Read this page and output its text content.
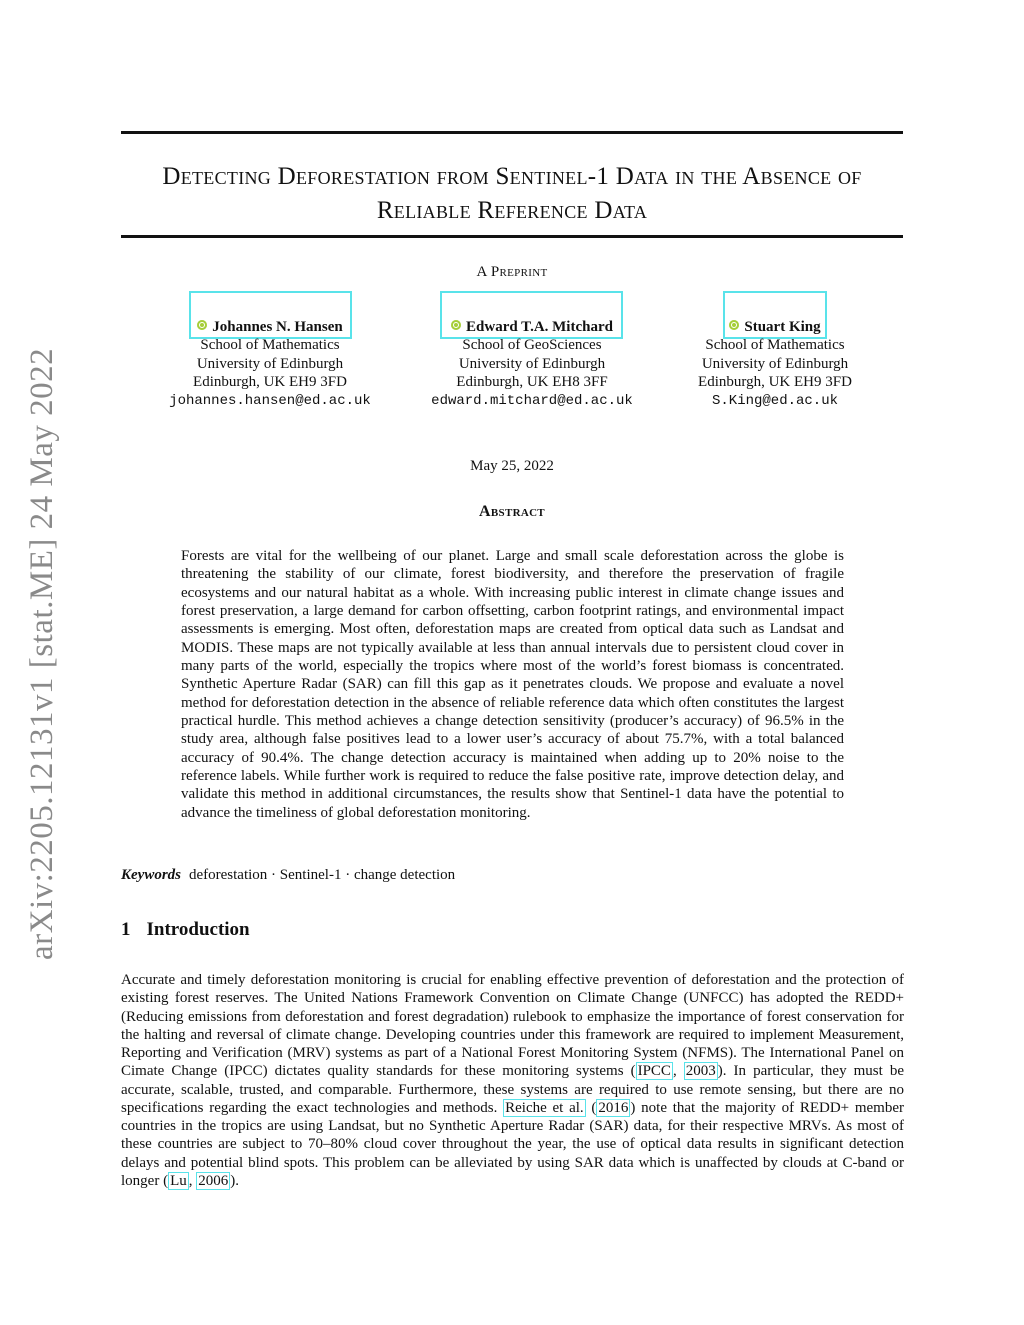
arXiv:2205.12131v1 [stat.ME] 24 May 2022
Detecting Deforestation from Sentinel-1 Data in the Absence of
Reliable Reference Data
A Preprint
Johannes N. Hansen
School of Mathematics
University of Edinburgh
Edinburgh, UK EH9 3FD
johannes.hansen@ed.ac.uk
Edward T.A. Mitchard
School of GeoSciences
University of Edinburgh
Edinburgh, UK EH8 3FF
edward.mitchard@ed.ac.uk
Stuart King
School of Mathematics
University of Edinburgh
Edinburgh, UK EH9 3FD
S.King@ed.ac.uk
May 25, 2022
Abstract
Forests are vital for the wellbeing of our planet. Large and small scale deforestation across the globe is threatening the stability of our climate, forest biodiversity, and therefore the preservation of fragile ecosystems and our natural habitat as a whole. With increasing public interest in climate change issues and forest preservation, a large demand for carbon offsetting, carbon footprint ratings, and environmental impact assessments is emerging. Most often, deforestation maps are created from optical data such as Landsat and MODIS. These maps are not typically available at less than annual intervals due to persistent cloud cover in many parts of the world, especially the tropics where most of the world’s forest biomass is concentrated. Synthetic Aperture Radar (SAR) can fill this gap as it penetrates clouds. We propose and evaluate a novel method for deforestation detection in the absence of reliable reference data which often constitutes the largest practical hurdle. This method achieves a change detection sensitivity (producer’s accuracy) of 96.5% in the study area, although false positives lead to a lower user’s accuracy of about 75.7%, with a total balanced accuracy of 90.4%. The change detection accuracy is maintained when adding up to 20% noise to the reference labels. While further work is required to reduce the false positive rate, improve detection delay, and validate this method in additional circumstances, the results show that Sentinel-1 data have the potential to advance the timeliness of global deforestation monitoring.
Keywords deforestation · Sentinel-1 · change detection
1 Introduction
Accurate and timely deforestation monitoring is crucial for enabling effective prevention of deforestation and the protection of existing forest reserves. The United Nations Framework Convention on Climate Change (UNFCC) has adopted the REDD+ (Reducing emissions from deforestation and forest degradation) rulebook to emphasize the importance of forest conservation for the halting and reversal of climate change. Developing countries under this framework are required to implement Measurement, Reporting and Verification (MRV) systems as part of a National Forest Monitoring System (NFMS). The International Panel on Cimate Change (IPCC) dictates quality standards for these monitoring systems ( IPCC , 2003 ). In particular, they must be accurate, scalable, trusted, and comparable. Furthermore, these systems are required to use remote sensing, but there are no specifications regarding the exact technologies and methods. Reiche et al. ( 2016 ) note that the majority of REDD+ member countries in the tropics are using Landsat, but no Synthetic Aperture Radar (SAR) data, for their respective MRVs. As most of these countries are subject to 70–80% cloud cover throughout the year, the use of optical data results in significant detection delays and potential blind spots. This problem can be alleviated by using SAR data which is unaffected by clouds at C-band or longer ( Lu , 2006 ).
